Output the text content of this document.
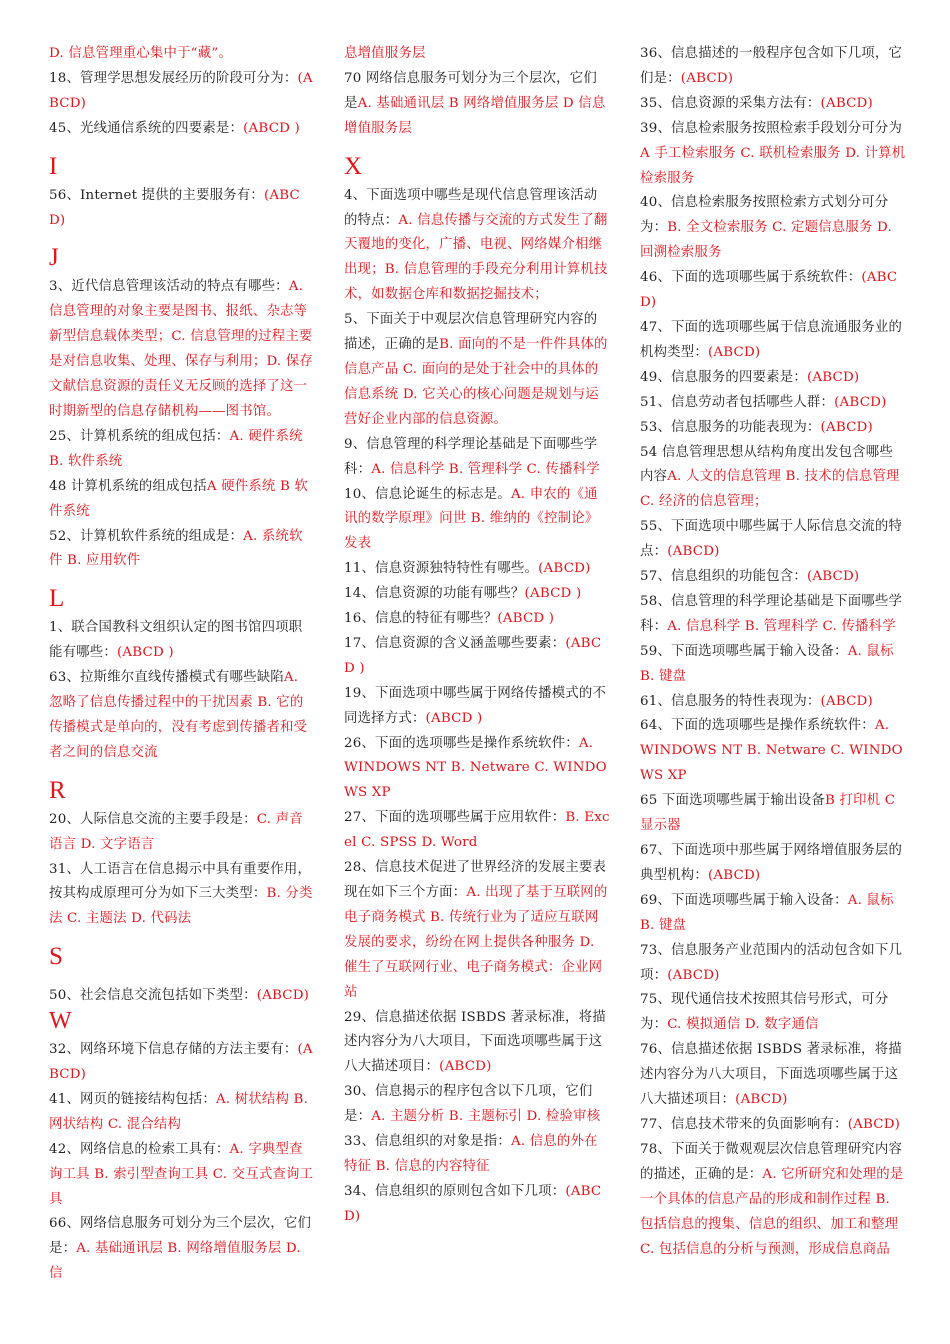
D. 信息管理重心集中于“藏”。

18、管理学思想发展经历的阶段可分为：(ABCD)

45、光线通信系统的四要素是：(ABCD )

I

56、Internet 提供的主要服务有：(ABCD)

J

3、近代信息管理该活动的特点有哪些：A. 信息管理的对象主要是图书、报纸、杂志等新型信息载体类型；C. 信息管理的过程主要是对信息收集、处理、保存与利用；D. 保存文献信息资源的责任义无反顾的选择了这一时期新型的信息存储机构——图书馆。

25、计算机系统的组成包括：A. 硬件系统 B. 软件系统

48 计算机系统的组成包括A 硬件系统 B 软件系统

52、计算机软件系统的组成是：A. 系统软件 B. 应用软件

L

1、联合国教科文组织认定的图书馆四项职能有哪些：(ABCD )

63、拉斯维尔直线传播模式有哪些缺陷A. 忽略了信息传播过程中的干扰因素 B. 它的传播模式是单向的，没有考虑到传播者和受者之间的信息交流

R

20、人际信息交流的主要手段是：C. 声音语言 D. 文字语言

31、人工语言在信息揭示中具有重要作用，按其构成原理可分为如下三大类型：B. 分类法 C. 主题法 D. 代码法

S

50、社会信息交流包括如下类型：(ABCD)W

32、网络环境下信息存储的方法主要有：(ABCD)

41、网页的链接结构包括：A. 树状结构 B. 网状结构 C. 混合结构

42、网络信息的检索工具有：A. 字典型查询工具 B. 索引型查询工具 C. 交互式查询工具

66、网络信息服务可划分为三个层次，它们是：A. 基础通讯层 B. 网络增值服务层 D. 信

息增值服务层

70 网络信息服务可划分为三个层次，它们是A. 基础通讯层 B 网络增值服务层 D 信息增值服务层

X

4、下面选项中哪些是现代信息管理该活动的特点：A. 信息传播与交流的方式发生了翻天覆地的变化，广播、电视、网络媒介相继出现；B. 信息管理的手段充分利用计算机技术，如数据仓库和数据挖掘技术；

5、下面关于中观层次信息管理研究内容的描述，正确的是B. 面向的不是一件件具体的信息产品 C. 面向的是处于社会中的具体的信息系统 D. 它关心的核心问题是规划与运营好企业内部的信息资源。

9、信息管理的科学理论基础是下面哪些学科：A. 信息科学 B. 管理科学 C. 传播科学

10、信息论诞生的标志是。A. 申农的《通讯的数学原理》问世 B. 维纳的《控制论》发表

11、信息资源独特特性有哪些。(ABCD)

14、信息资源的功能有哪些？(ABCD )

16、信息的特征有哪些？(ABCD )

17、信息资源的含义涵盖哪些要素：(ABCD )

19、下面选项中哪些属于网络传播模式的不同选择方式：(ABCD )

26、下面的选项哪些是操作系统软件：A. WINDOWS NT B. Netware C. WINDOWS XP

27、下面的选项哪些属于应用软件：B. Excel C. SPSS D. Word

28、信息技术促进了世界经济的发展主要表现在如下三个方面：A. 出现了基于互联网的电子商务模式 B. 传统行业为了适应互联网发展的要求，纷纷在网上提供各种服务 D. 催生了互联网行业、电子商务模式：企业网站

29、信息描述依据 ISBDS 著录标准，将描述内容分为八大项目，下面选项哪些属于这八大描述项目：(ABCD)

30、信息揭示的程序包含以下几项，它们是：A. 主题分析 B. 主题标引 D. 检验审核

33、信息组织的对象是指：A. 信息的外在特征 B. 信息的内容特征

34、信息组织的原则包含如下几项：(ABCD)

36、信息描述的一般程序包含如下几项，它们是：(ABCD)

35、信息资源的采集方法有：(ABCD)

39、信息检索服务按照检索手段划分可分为A 手工检索服务 C. 联机检索服务 D. 计算机检索服务

40、信息检索服务按照检索方式划分可分为：B. 全文检索服务 C. 定题信息服务 D. 回溯检索服务

46、下面的选项哪些属于系统软件：(ABCD)

47、下面的选项哪些属于信息流通服务业的机构类型：(ABCD)

49、信息服务的四要素是：(ABCD)

51、信息劳动者包括哪些人群：(ABCD)

53、信息服务的功能表现为：(ABCD)

54 信息管理思想从结构角度出发包含哪些内容A. 人文的信息管理 B. 技术的信息管理 C. 经济的信息管理；

55、下面选项中哪些属于人际信息交流的特点：(ABCD)

57、信息组织的功能包含：(ABCD)

58、信息管理的科学理论基础是下面哪些学科：A. 信息科学 B. 管理科学 C. 传播科学

59、下面选项哪些属于输入设备：A. 鼠标 B. 键盘

61、信息服务的特性表现为：(ABCD)

64、下面的选项哪些是操作系统软件：A. WINDOWS NT B. Netware C. WINDOWS XP

65 下面选项哪些属于输出设备B 打印机 C 显示器

67、下面选项中那些属于网络增值服务层的典型机构：(ABCD)

69、下面选项哪些属于输入设备：A. 鼠标 B. 键盘

73、信息服务产业范围内的活动包含如下几项：(ABCD)

75、现代通信技术按照其信号形式，可分为：C. 模拟通信 D. 数字通信

76、信息描述依据 ISBDS 著录标准，将描述内容分为八大项目，下面选项哪些属于这八大描述项目：(ABCD)

77、信息技术带来的负面影响有：(ABCD)

78、下面关于微观观层次信息管理研究内容的描述，正确的是：A. 它所研究和处理的是一个具体的信息产品的形成和制作过程 B. 包括信息的搜集、信息的组织、加工和整理 C. 包括信息的分析与预测，形成信息商品
